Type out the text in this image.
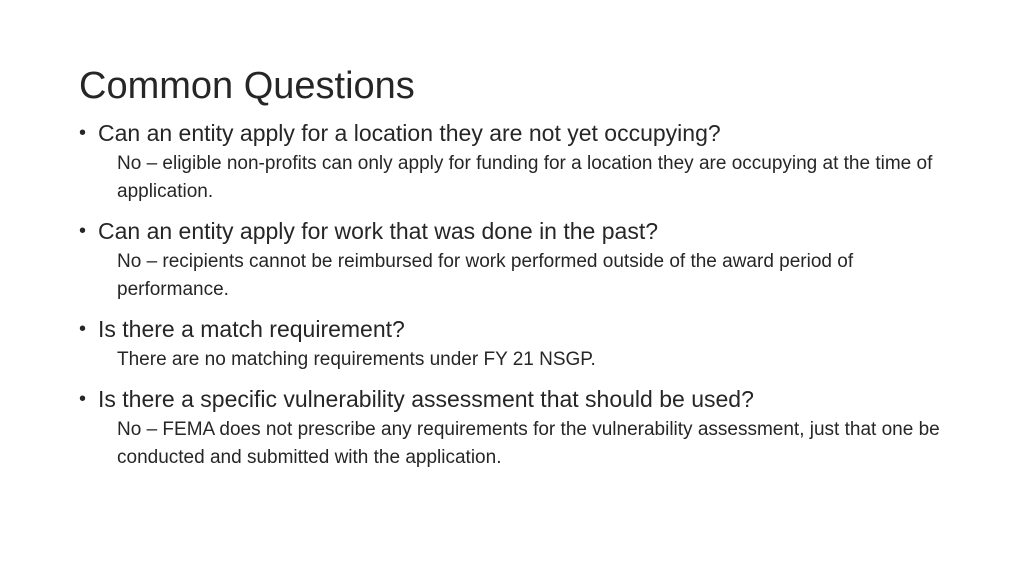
Common Questions
• Can an entity apply for a location they are not yet occupying?
No – eligible non-profits can only apply for funding for a location they are occupying at the time of application.
• Can an entity apply for work that was done in the past?
No – recipients cannot be reimbursed for work performed outside of the award period of performance.
• Is there a match requirement?
There are no matching requirements under FY 21 NSGP.
• Is there a specific vulnerability assessment that should be used?
No – FEMA does not prescribe any requirements for the vulnerability assessment, just that one be conducted and submitted with the application.
